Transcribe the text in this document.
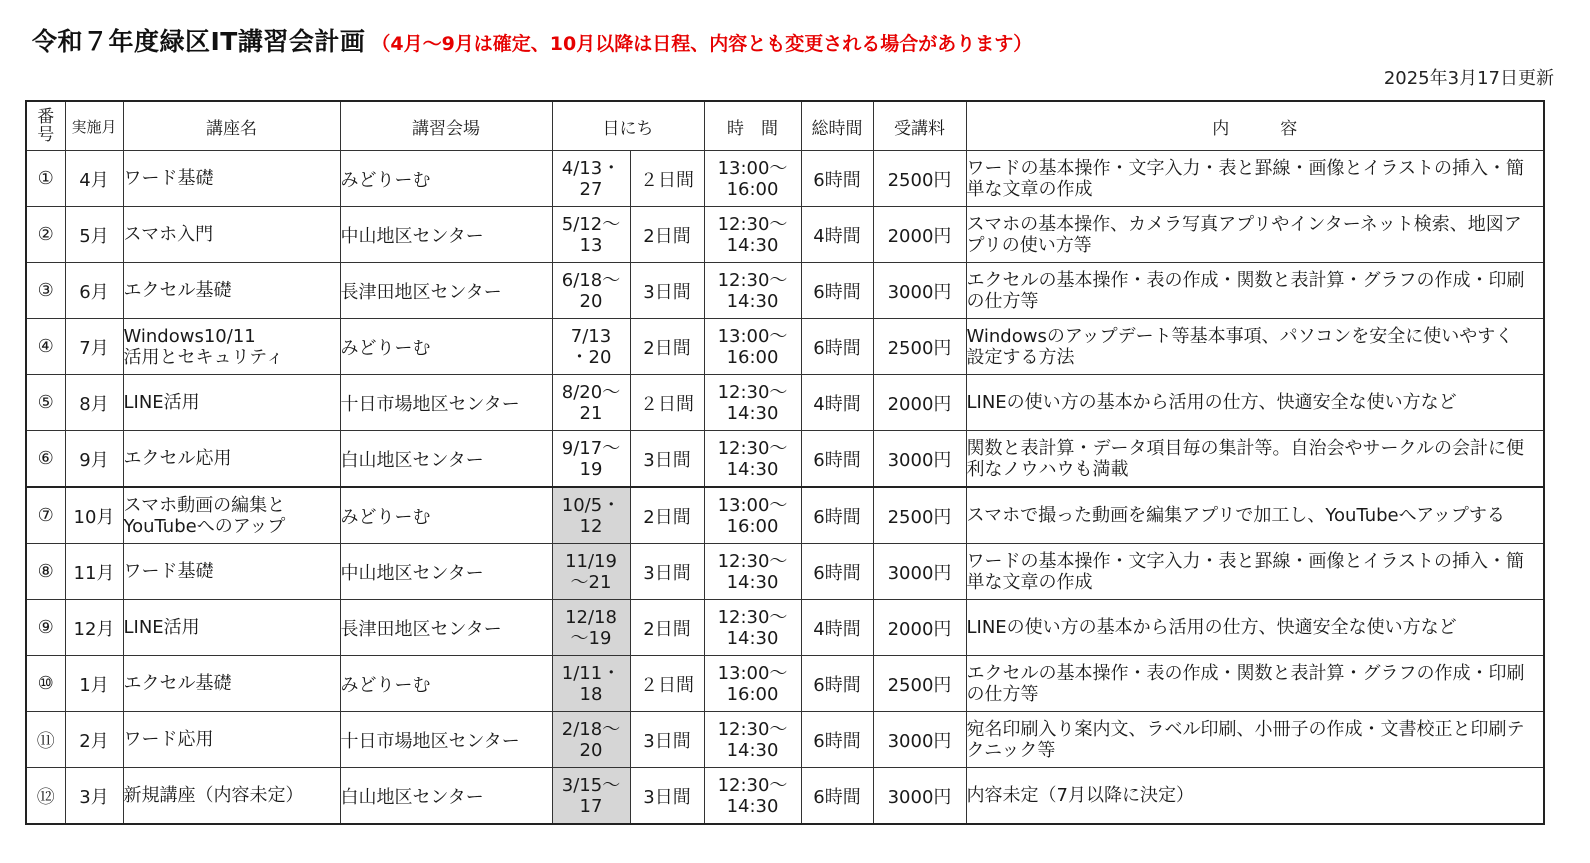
令和７年度緑区IT講習会計画 （4月～9月は確定、10月以降は日程、内容とも変更される場合があります）
2025年3月17日更新
番
号	実施月	講座名	講習会場	日にち		時　間	総時間	受講料	内　　　容

①	4月	ワード基礎	みどりーむ	4/13・
27	２日間	13:00～
16:00	6時間	2500円	ワードの基本操作・文字入力・表と罫線・画像とイラストの挿入・簡
単な文章の作成

②	5月	スマホ入門	中山地区センター	5/12～
13	2日間	12:30～
14:30	4時間	2000円	スマホの基本操作、カメラ写真アプリやインターネット検索、地図ア
プリの使い方等

③	6月	エクセル基礎	長津田地区センター	6/18～
20	3日間	12:30～
14:30	6時間	3000円	エクセルの基本操作・表の作成・関数と表計算・グラフの作成・印刷
の仕方等

④	7月	Windows10/11
活用とセキュリティ	みどりーむ	7/13
・20	2日間	13:00～
16:00	6時間	2500円	Windowsのアップデート等基本事項、パソコンを安全に使いやすく
設定する方法

⑤	8月	LINE活用	十日市場地区センター	8/20～
21	２日間	12:30～
14:30	4時間	2000円	LINEの使い方の基本から活用の仕方、快適安全な使い方など

⑥	9月	エクセル応用	白山地区センター	9/17～
19	3日間	12:30～
14:30	6時間	3000円	関数と表計算・データ項目毎の集計等。自治会やサークルの会計に便
利なノウハウも満載

⑦	10月	スマホ動画の編集と
YouTubeへのアップ	みどりーむ	10/5・
12	2日間	13:00～
16:00	6時間	2500円	スマホで撮った動画を編集アプリで加工し、YouTubeへアップする

⑧	11月	ワード基礎	中山地区センター	11/19
～21	3日間	12:30～
14:30	6時間	3000円	ワードの基本操作・文字入力・表と罫線・画像とイラストの挿入・簡
単な文章の作成

⑨	12月	LINE活用	長津田地区センター	12/18
～19	2日間	12:30～
14:30	4時間	2000円	LINEの使い方の基本から活用の仕方、快適安全な使い方など

⑩	1月	エクセル基礎	みどりーむ	1/11・
18	２日間	13:00～
16:00	6時間	2500円	エクセルの基本操作・表の作成・関数と表計算・グラフの作成・印刷
の仕方等

⑪	2月	ワード応用	十日市場地区センター	2/18～
20	3日間	12:30～
14:30	6時間	3000円	宛名印刷入り案内文、ラベル印刷、小冊子の作成・文書校正と印刷テ
クニック等

⑫	3月	新規講座（内容未定）	白山地区センター	3/15～
17	3日間	12:30～
14:30	6時間	3000円	内容未定（7月以降に決定）
